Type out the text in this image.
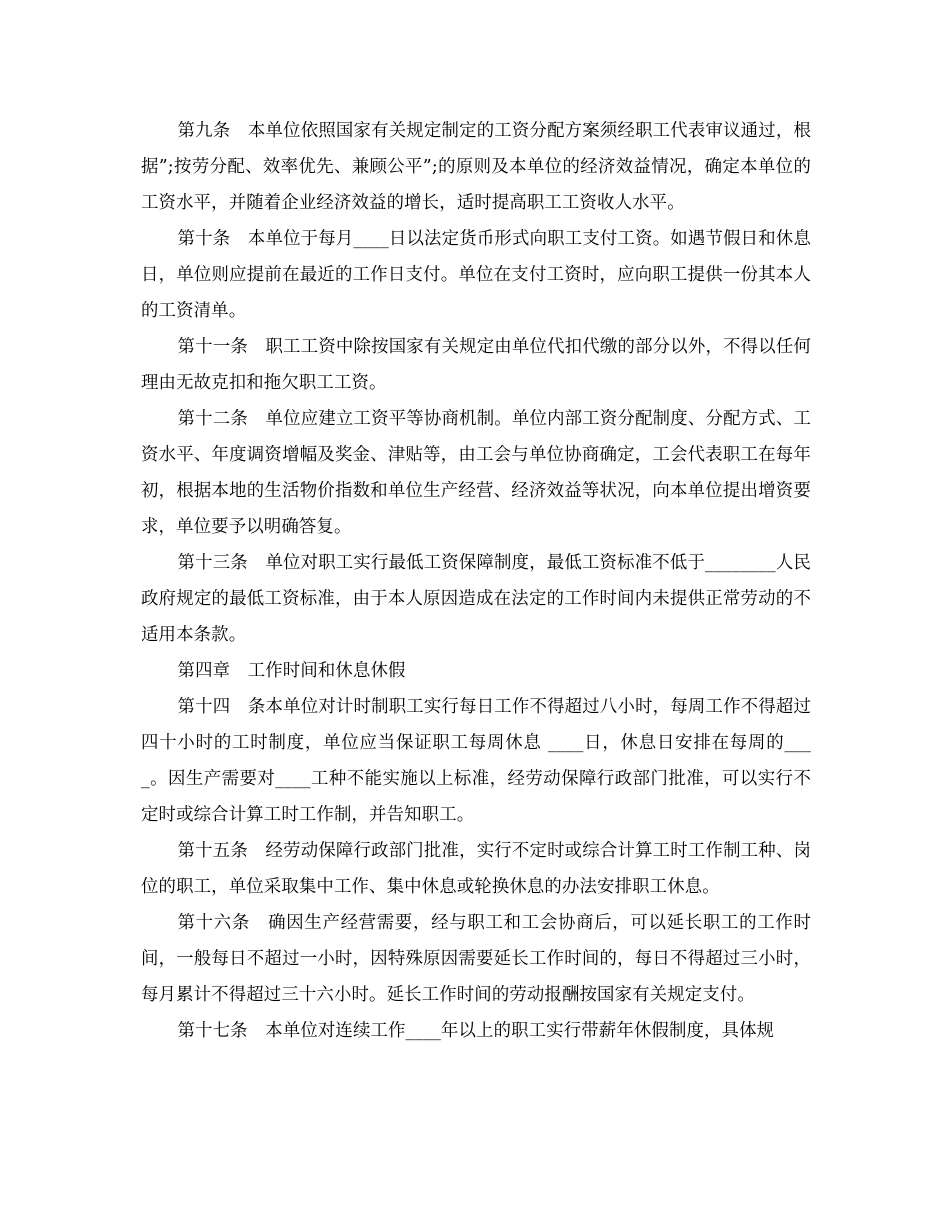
第九条　本单位依照国家有关规定制定的工资分配方案须经职工代表审议通过，根据”;按劳分配、效率优先、兼顾公平”;的原则及本单位的经济效益情况，确定本单位的工资水平，并随着企业经济效益的增长，适时提高职工工资收人水平。

第十条　本单位于每月____日以法定货币形式向职工支付工资。如遇节假日和休息日，单位则应提前在最近的工作日支付。单位在支付工资时，应向职工提供一份其本人的工资清单。

第十一条　职工工资中除按国家有关规定由单位代扣代缴的部分以外，不得以任何理由无故克扣和拖欠职工工资。

第十二条　单位应建立工资平等协商机制。单位内部工资分配制度、分配方式、工资水平、年度调资增幅及奖金、津贴等，由工会与单位协商确定，工会代表职工在每年初，根据本地的生活物价指数和单位生产经营、经济效益等状况，向本单位提出增资要求，单位要予以明确答复。

第十三条　单位对职工实行最低工资保障制度，最低工资标准不低于________人民政府规定的最低工资标准，由于本人原因造成在法定的工作时间内未提供正常劳动的不适用本条款。

第四章　工作时间和休息休假

第十四　条本单位对计时制职工实行每日工作不得超过八小时，每周工作不得超过四十小时的工时制度，单位应当保证职工每周休息 ____日，休息日安排在每周的____。因生产需要对____工种不能实施以上标准，经劳动保障行政部门批准，可以实行不定时或综合计算工时工作制，并告知职工。

第十五条　经劳动保障行政部门批准，实行不定时或综合计算工时工作制工种、岗位的职工，单位采取集中工作、集中休息或轮换休息的办法安排职工休息。

第十六条　确因生产经营需要，经与职工和工会协商后，可以延长职工的工作时间，一般每日不超过一小时，因特殊原因需要延长工作时间的，每日不得超过三小时，每月累计不得超过三十六小时。延长工作时间的劳动报酬按国家有关规定支付。

第十七条　本单位对连续工作____年以上的职工实行带薪年休假制度，具体规
